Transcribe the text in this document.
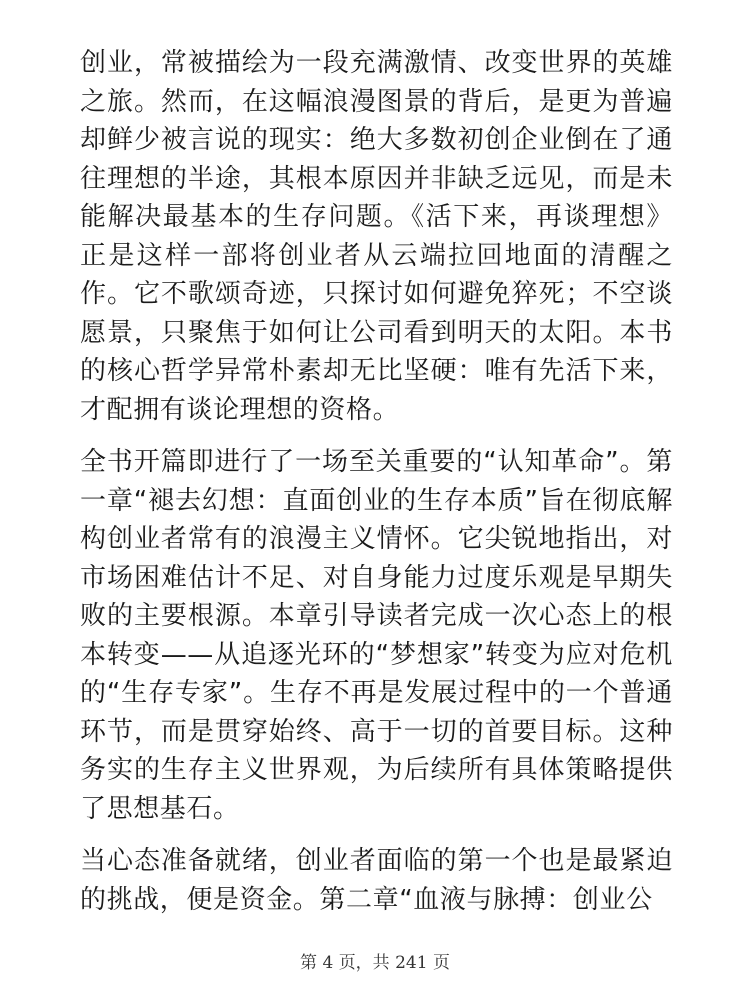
创业，常被描绘为一段充满激情、改变世界的英雄之旅。然而，在这幅浪漫图景的背后，是更为普遍却鲜少被言说的现实：绝大多数初创企业倒在了通往理想的半途，其根本原因并非缺乏远见，而是未能解决最基本的生存问题。《活下来，再谈理想》正是这样一部将创业者从云端拉回地面的清醒之作。它不歌颂奇迹，只探讨如何避免猝死；不空谈愿景，只聚焦于如何让公司看到明天的太阳。本书的核心哲学异常朴素却无比坚硬：唯有先活下来，才配拥有谈论理想的资格。

全书开篇即进行了一场至关重要的“认知革命”。第一章“褪去幻想：直面创业的生存本质”旨在彻底解构创业者常有的浪漫主义情怀。它尖锐地指出，对市场困难估计不足、对自身能力过度乐观是早期失败的主要根源。本章引导读者完成一次心态上的根本转变——从追逐光环的“梦想家”转变为应对危机的“生存专家”。生存不再是发展过程中的一个普通环节，而是贯穿始终、高于一切的首要目标。这种务实的生存主义世界观，为后续所有具体策略提供了思想基石。

当心态准备就绪，创业者面临的第一个也是最紧迫的挑战，便是资金。第二章“血液与脉搏：创业公

第 4 页，共 241 页
